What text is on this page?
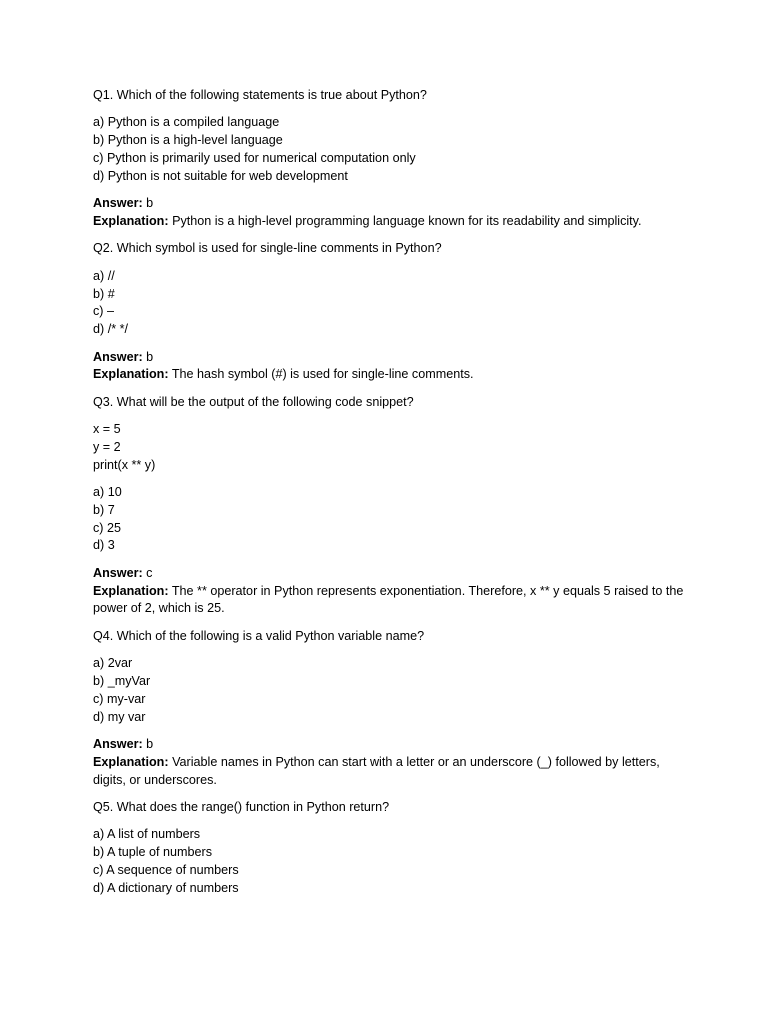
Q1. Which of the following statements is true about Python?
a) Python is a compiled language
b) Python is a high-level language
c) Python is primarily used for numerical computation only
d) Python is not suitable for web development
Answer: b
Explanation: Python is a high-level programming language known for its readability and simplicity.
Q2. Which symbol is used for single-line comments in Python?
a) //
b) #
c) –
d) /* */
Answer: b
Explanation: The hash symbol (#) is used for single-line comments.
Q3. What will be the output of the following code snippet?
x = 5
y = 2
print(x ** y)
a) 10
b) 7
c) 25
d) 3
Answer: c
Explanation: The ** operator in Python represents exponentiation. Therefore, x ** y equals 5 raised to the power of 2, which is 25.
Q4. Which of the following is a valid Python variable name?
a) 2var
b) _myVar
c) my-var
d) my var
Answer: b
Explanation: Variable names in Python can start with a letter or an underscore (_) followed by letters, digits, or underscores.
Q5. What does the range() function in Python return?
a) A list of numbers
b) A tuple of numbers
c) A sequence of numbers
d) A dictionary of numbers
